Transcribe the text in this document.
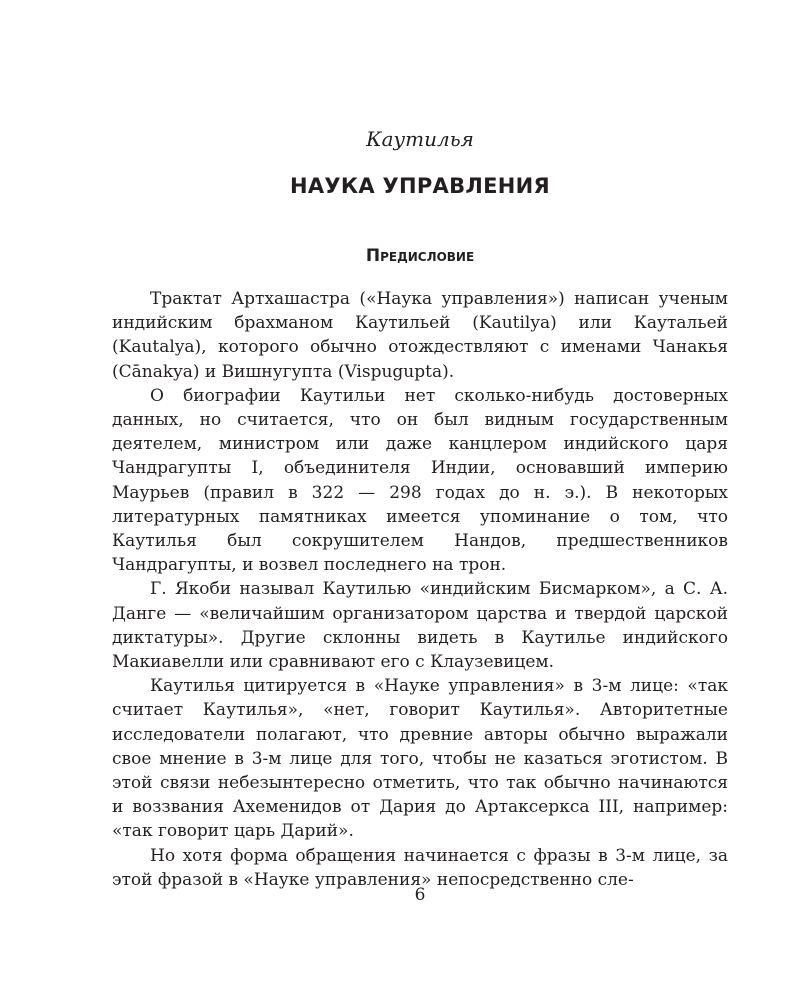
Каутилья
НАУКА УПРАВЛЕНИЯ
Предисловие

Трактат Артхашастра («Наука управления») написан ученым индийским брахманом Каутильей (Kautilya) или Каутальей (Kautalya), которого обычно отождествляют с именами Чанакья (Cānakya) и Вишнугупта (Vispugupta).

О биографии Каутильи нет сколько-нибудь достоверных данных, но считается, что он был видным государственным деятелем, министром или даже канцлером индийского царя Чандрагупты I, объединителя Индии, основавший империю Маурьев (правил в 322 — 298 годах до н. э.). В некоторых литературных памятниках имеется упоминание о том, что Каутилья был сокрушителем Нандов, предшественников Чандрагупты, и возвел последнего на трон.

Г. Якоби называл Каутилью «индийским Бисмарком», а С. А. Данге — «величайшим организатором царства и твердой царской диктатуры». Другие склонны видеть в Каутилье индийского Макиавелли или сравнивают его с Клаузевицем.

Каутилья цитируется в «Науке управления» в 3-м лице: «так считает Каутилья», «нет, говорит Каутилья». Авторитетные исследователи полагают, что древние авторы обычно выражали свое мнение в 3-м лице для того, чтобы не казаться эготистом. В этой связи небезынтересно отметить, что так обычно начинаются и воззвания Ахеменидов от Дария до Артаксеркса III, например: «так говорит царь Дарий».

Но хотя форма обращения начинается с фразы в 3-м лице, за этой фразой в «Науке управления» непосредственно сле-

6
